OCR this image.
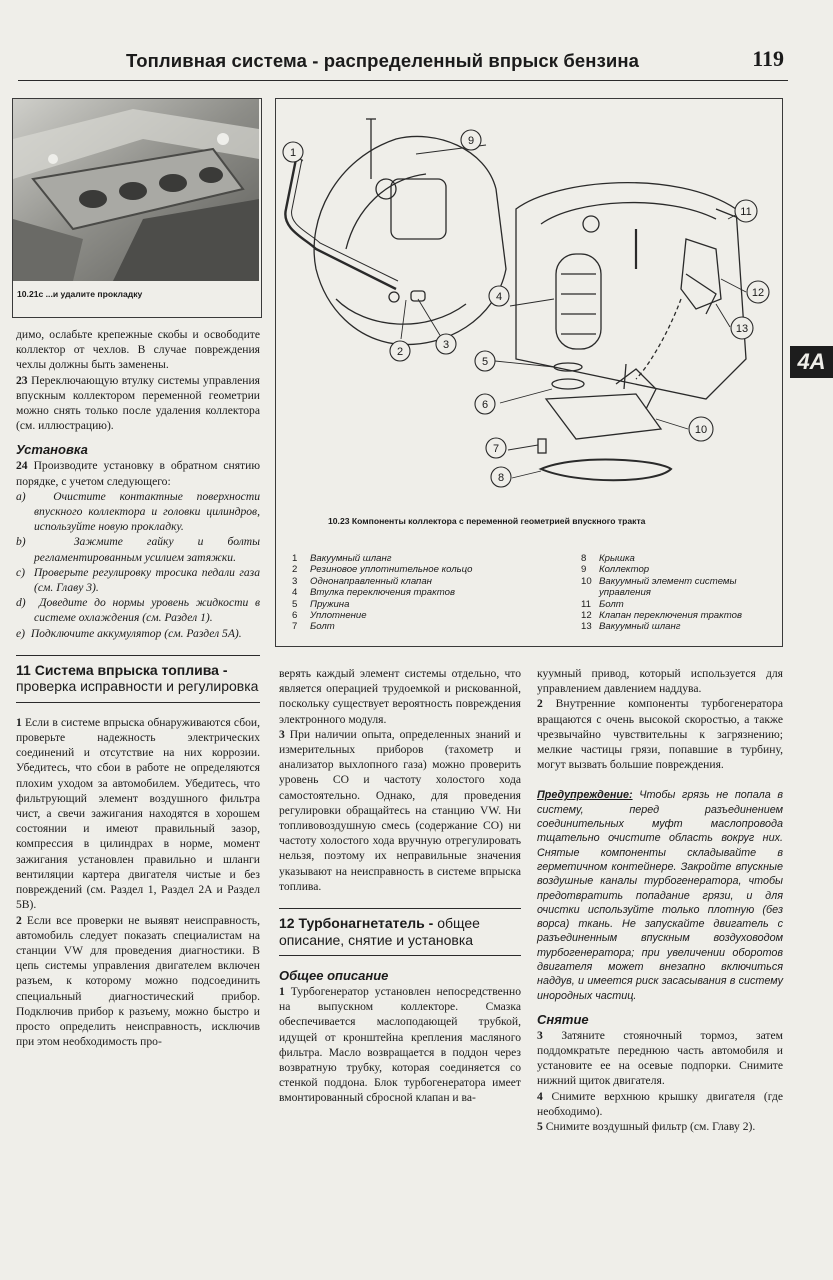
Топливная система - распределенный впрыск бензина	119
4A
10.21c ...и удалите прокладку
1
2
3
4
5
6
7
8
9
10
11
12
13
10.23 Компоненты коллектора с переменной геометрией впускного тракта
1 Вакуумный шланг
2 Резиновое уплотнительное кольцо
3 Однонаправленный клапан
4 Втулка переключения трактов
5 Пружина
6 Уплотнение
7 Болт
8 Крышка
9 Коллектор
10 Вакуумный элемент системы управления
11 Болт
12 Клапан переключения трактов
13 Вакуумный шланг

димо, ослабьте крепежные скобы и освободите коллектор от чехлов. В случае повреждения чехлы должны быть заменены.

23 Переключающую втулку системы управления впускным коллектором переменной геометрии можно снять только после удаления коллектора (см. иллюстрацию).

Установка

24 Производите установку в обратном снятию порядке, с учетом следующего:

a) Очистите контактные поверхности впускного коллектора и головки цилиндров, используйте новую прокладку.

b)	Зажмите гайку и болты регламентированным усилием затяжки.

c) Проверьте регулировку тросика педали газа (см. Главу 3).

d) Доведите до нормы уровень жидкости в системе охлаждения (см. Раздел 1).

e) Подключите аккумулятор (см. Раздел 5A).

11 Система впрыска топлива - проверка исправности и регулировка

1 Если в системе впрыска обнаруживаются сбои, проверьте надежность электрических соединений и отсутствие на них коррозии. Убедитесь, что сбои в работе не определяются плохим уходом за автомобилем. Убедитесь, что фильтрующий элемент воздушного фильтра чист, а свечи зажигания находятся в хорошем состоянии и имеют правильный зазор, компрессия в цилиндрах в норме, момент зажигания установлен правильно и шланги вентиляции картера двигателя чистые и без повреждений (см. Раздел 1, Раздел 2A и Раздел 5B).

2 Если все проверки не выявят неисправность, автомобиль следует показать специалистам на станции VW для проведения диагностики. В цепь системы управления двигателем включен разъем, к которому можно подсоединить специальный диагностический прибор. Подключив прибор к разъему, можно быстро и просто определить неисправность, исключив при этом необходимость про-

верять каждый элемент системы отдельно, что является операцией трудоемкой и рискованной, поскольку существует вероятность повреждения электронного модуля.

3 При наличии опыта, определенных знаний и измерительных приборов (тахометр и анализатор выхлопного газа) можно проверить уровень CO и частоту холостого хода самостоятельно. Однако, для проведения регулировки обращайтесь на станцию VW. Ни топливовоздушную смесь (содержание CO) ни частоту холостого хода вручную отрегулировать нельзя, поэтому их неправильные значения указывают на неисправность в системе впрыска топлива.

12 Турбонагнетатель - общее описание, снятие и установка
Общее описание

1 Турбогенератор установлен непосредственно на выпускном коллекторе. Смазка обеспечивается маслоподающей трубкой, идущей от кронштейна крепления масляного фильтра. Масло возвращается в поддон через возвратную трубку, которая соединяется со стенкой поддона. Блок турбогенератора имеет вмонтированный сбросной клапан и ва-

куумный привод, который используется для управлением давлением наддува.

2 Внутренние компоненты турбогенератора вращаются с очень высокой скоростью, а также чрезвычайно чувствительны к загрязнению; мелкие частицы грязи, попавшие в турбину, могут вызвать большие повреждения.

Предупреждение: Чтобы грязь не попала в систему, перед разъединением соединительных муфт маслопровода тщательно очистите область вокруг них. Снятые компоненты складывайте в герметичном контейнере. Закройте впускные воздушные каналы турбогенератора, чтобы предотвратить попадание грязи, и для очистки используйте только плотную (без ворса) ткань. Не запускайте двигатель с разъединенным впускным воздуховодом турбогенератора; при увеличении оборотов двигателя может внезапно включиться наддув, и имеется риск засасывания в систему инородных частиц.

Снятие

3 Затяните стояночный тормоз, затем поддомкратьте переднюю часть автомобиля и установите ее на осевые подпорки. Снимите нижний щиток двигателя.

4 Снимите верхнюю крышку двигателя (где необходимо).

5 Снимите воздушный фильтр (см. Главу 2).
